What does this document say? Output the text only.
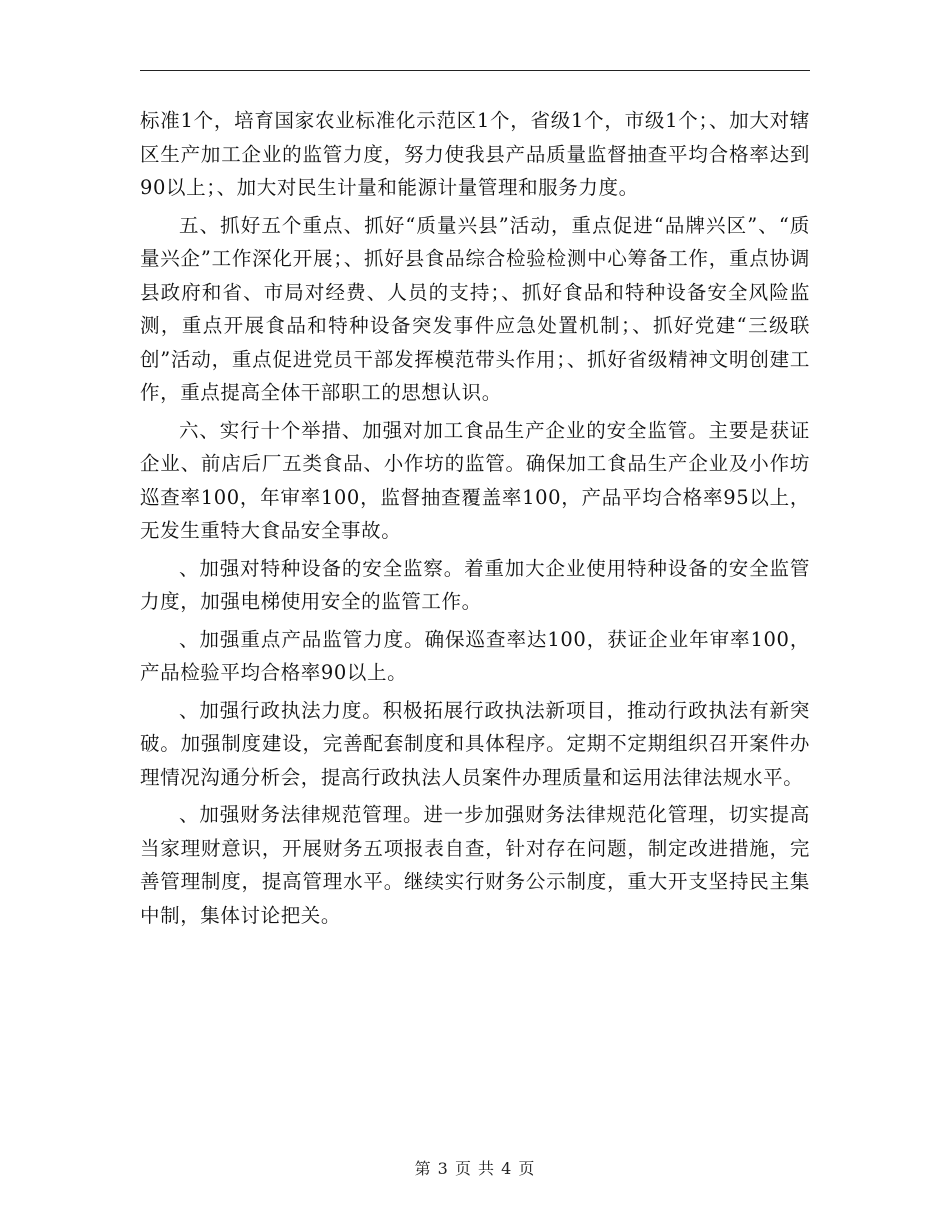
标准1个，培育国家农业标准化示范区1个，省级1个，市级1个；、加大对辖区生产加工企业的监管力度，努力使我县产品质量监督抽查平均合格率达到90以上；、加大对民生计量和能源计量管理和服务力度。

五、抓好五个重点、抓好“质量兴县”活动，重点促进“品牌兴区”、“质量兴企”工作深化开展；、抓好县食品综合检验检测中心筹备工作，重点协调县政府和省、市局对经费、人员的支持；、抓好食品和特种设备安全风险监测，重点开展食品和特种设备突发事件应急处置机制；、抓好党建“三级联创”活动，重点促进党员干部发挥模范带头作用；、抓好省级精神文明创建工作，重点提高全体干部职工的思想认识。

六、实行十个举措、加强对加工食品生产企业的安全监管。主要是获证企业、前店后厂五类食品、小作坊的监管。确保加工食品生产企业及小作坊巡查率100，年审率100，监督抽查覆盖率100，产品平均合格率95以上，无发生重特大食品安全事故。

、加强对特种设备的安全监察。着重加大企业使用特种设备的安全监管力度，加强电梯使用安全的监管工作。

、加强重点产品监管力度。确保巡查率达100，获证企业年审率100，产品检验平均合格率90以上。

、加强行政执法力度。积极拓展行政执法新项目，推动行政执法有新突破。加强制度建设，完善配套制度和具体程序。定期不定期组织召开案件办理情况沟通分析会，提高行政执法人员案件办理质量和运用法律法规水平。

、加强财务法律规范管理。进一步加强财务法律规范化管理，切实提高当家理财意识，开展财务五项报表自查，针对存在问题，制定改进措施，完善管理制度，提高管理水平。继续实行财务公示制度，重大开支坚持民主集中制，集体讨论把关。

第 3 页 共 4 页
